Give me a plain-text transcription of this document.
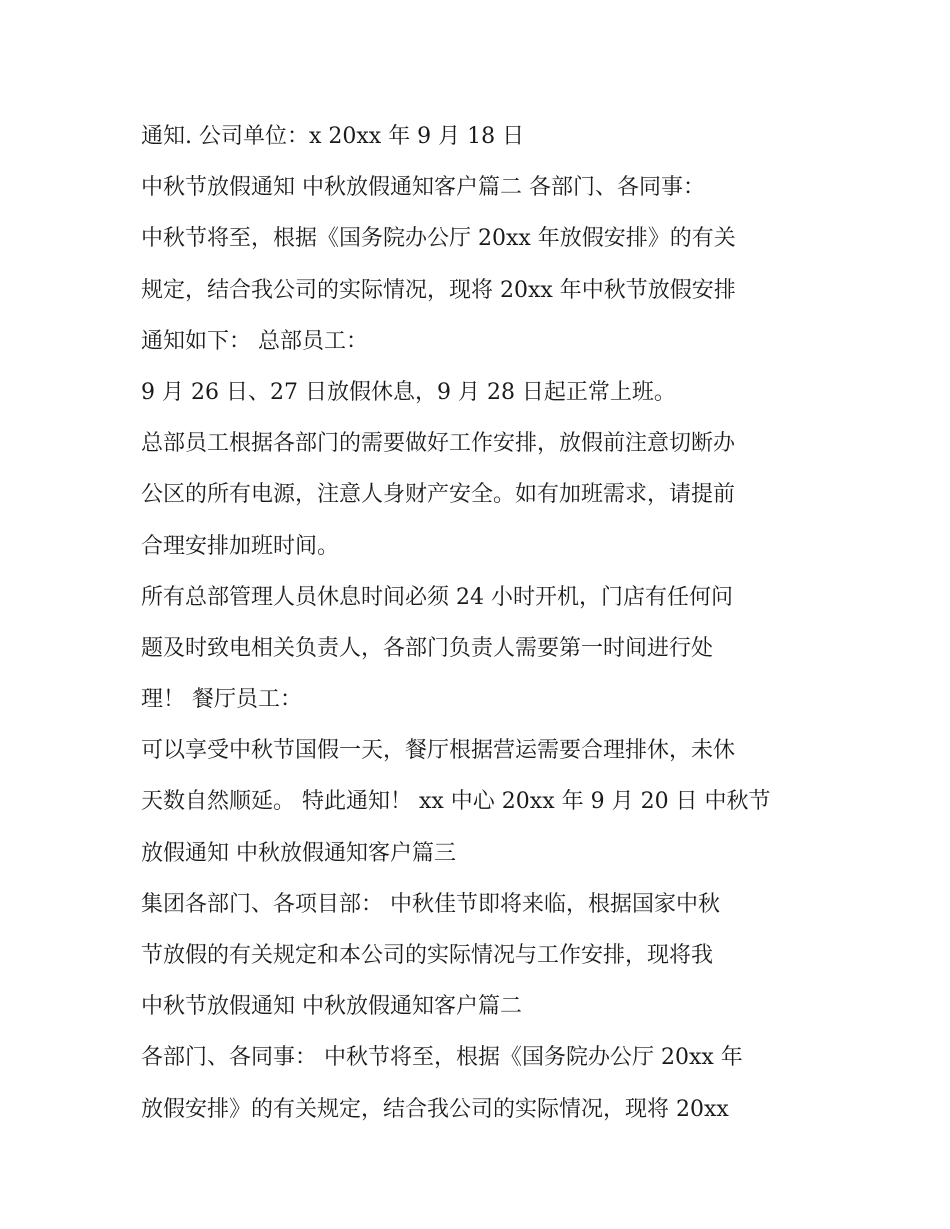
通知. 公司单位：x 20xx 年 9 月 18 日
中秋节放假通知 中秋放假通知客户篇二 各部门、各同事：
中秋节将至，根据《国务院办公厅 20xx 年放假安排》的有关
规定，结合我公司的实际情况，现将 20xx 年中秋节放假安排
通知如下： 总部员工：
9 月 26 日、27 日放假休息，9 月 28 日起正常上班。
总部员工根据各部门的需要做好工作安排，放假前注意切断办
公区的所有电源，注意人身财产安全。如有加班需求，请提前
合理安排加班时间。
所有总部管理人员休息时间必须 24 小时开机，门店有任何问
题及时致电相关负责人，各部门负责人需要第一时间进行处
理！ 餐厅员工：
可以享受中秋节国假一天，餐厅根据营运需要合理排休，未休
天数自然顺延。 特此通知！ xx 中心 20xx 年 9 月 20 日 中秋节
放假通知 中秋放假通知客户篇三
集团各部门、各项目部： 中秋佳节即将来临，根据国家中秋
节放假的有关规定和本公司的实际情况与工作安排，现将我
中秋节放假通知 中秋放假通知客户篇二
各部门、各同事： 中秋节将至，根据《国务院办公厅 20xx 年
放假安排》的有关规定，结合我公司的实际情况，现将 20xx
